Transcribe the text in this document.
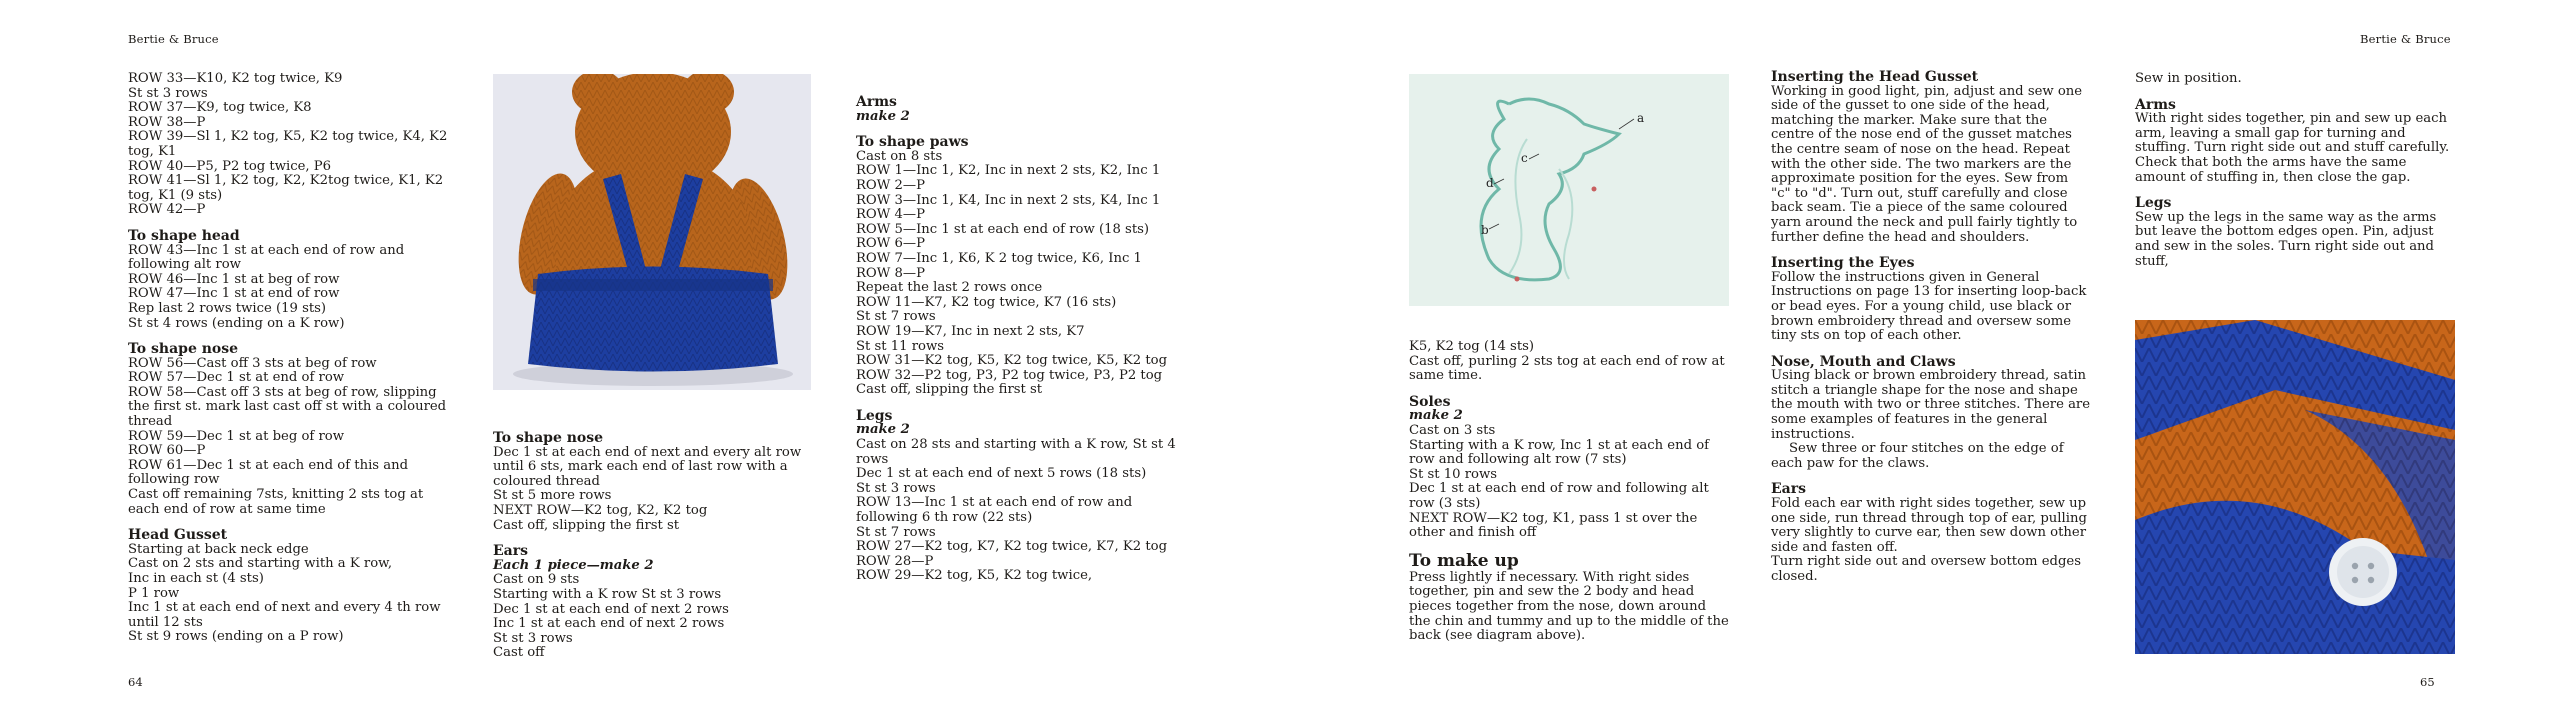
Bertie & Bruce	Bertie & Bruce
64	65

ROW 33—K10, K2 tog twice, K9

St st 3 rows

ROW 37—K9, tog twice, K8

ROW 38—P

ROW 39—Sl 1, K2 tog, K5, K2 tog twice, K4, K2 tog, K1

ROW 40—P5, P2 tog twice, P6

ROW 41—Sl 1, K2 tog, K2, K2tog twice, K1, K2 tog, K1 (9 sts)

ROW 42—P

To shape head

ROW 43—Inc 1 st at each end of row and following alt row

ROW 46—Inc 1 st at beg of row

ROW 47—Inc 1 st at end of row

Rep last 2 rows twice (19 sts)

St st 4 rows (ending on a K row)

To shape nose

ROW 56—Cast off 3 sts at beg of row

ROW 57—Dec 1 st at end of row

ROW 58—Cast off 3 sts at beg of row, slipping the first st. mark last cast off st with a coloured thread

ROW 59—Dec 1 st at beg of row

ROW 60—P

ROW 61—Dec 1 st at each end of this and following row

Cast off remaining 7sts, knitting 2 sts tog at each end of row at same time

Head Gusset

Starting at back neck edge

Cast on 2 sts and starting with a K row,

Inc in each st (4 sts)

P 1 row

Inc 1 st at each end of next and every 4 th row until 12 sts

St st 9 rows (ending on a P row)

To shape nose

Dec 1 st at each end of next and every alt row until 6 sts, mark each end of last row with a coloured thread

St st 5 more rows

NEXT ROW—K2 tog, K2, K2 tog

Cast off, slipping the first st

Ears

Each 1 piece—make 2

Cast on 9 sts

Starting with a K row St st 3 rows

Dec 1 st at each end of next 2 rows

Inc 1 st at each end of next 2 rows

St st 3 rows

Cast off

Arms

make 2

To shape paws

Cast on 8 sts

ROW 1—Inc 1, K2, Inc in next 2 sts, K2, Inc 1

ROW 2—P

ROW 3—Inc 1, K4, Inc in next 2 sts, K4, Inc 1

ROW 4—P

ROW 5—Inc 1 st at each end of row (18 sts)

ROW 6—P

ROW 7—Inc 1, K6, K 2 tog twice, K6, Inc 1

ROW 8—P

Repeat the last 2 rows once

ROW 11—K7, K2 tog twice, K7 (16 sts)

St st 7 rows

ROW 19—K7, Inc in next 2 sts, K7

St st 11 rows

ROW 31—K2 tog, K5, K2 tog twice, K5, K2 tog

ROW 32—P2 tog, P3, P2 tog twice, P3, P2 tog

Cast off, slipping the first st

Legs

make 2

Cast on 28 sts and starting with a K row, St st 4 rows

Dec 1 st at each end of next 5 rows (18 sts)

St st 3 rows

ROW 13—Inc 1 st at each end of row and following 6 th row (22 sts)

St st 7 rows

ROW 27—K2 tog, K7, K2 tog twice, K7, K2 tog

ROW 28—P

ROW 29—K2 tog, K5, K2 tog twice,

K5, K2 tog (14 sts)

Cast off, purling 2 sts tog at each end of row at same time.

Soles

make 2

Cast on 3 sts

Starting with a K row, Inc 1 st at each end of row and following alt row (7 sts)

St st 10 rows

Dec 1 st at each end of row and following alt row (3 sts)

NEXT ROW—K2 tog, K1, pass 1 st over the other and finish off

To make up

Press lightly if necessary. With right sides together, pin and sew the 2 body and head pieces together from the nose, down around the chin and tummy and up to the middle of the back (see diagram above).

Inserting the Head Gusset

Working in good light, pin, adjust and sew one side of the gusset to one side of the head, matching the marker. Make sure that the centre of the nose end of the gusset matches the centre seam of nose on the head. Repeat with the other side. The two markers are the approximate position for the eyes. Sew from "c" to "d". Turn out, stuff carefully and close back seam. Tie a piece of the same coloured yarn around the neck and pull fairly tightly to further define the head and shoulders.

Inserting the Eyes

Follow the instructions given in General Instructions on page 13 for inserting loop-back or bead eyes. For a young child, use black or brown embroidery thread and oversew some tiny sts on top of each other.

Nose, Mouth and Claws

Using black or brown embroidery thread, satin stitch a triangle shape for the nose and shape the mouth with two or three stitches. There are some examples of features in the general instructions.

Sew three or four stitches on the edge of each paw for the claws.

Ears

Fold each ear with right sides together, sew up one side, run thread through top of ear, pulling very slightly to curve ear, then sew down other side and fasten off.

Turn right side out and oversew bottom edges closed.

Sew in position.

Arms

With right sides together, pin and sew up each arm, leaving a small gap for turning and stuffing. Turn right side out and stuff carefully. Check that both the arms have the same amount of stuffing in, then close the gap.

Legs

Sew up the legs in the same way as the arms but leave the bottom edges open. Pin, adjust and sew in the soles. Turn right side out and stuff,

a
b
c
d
